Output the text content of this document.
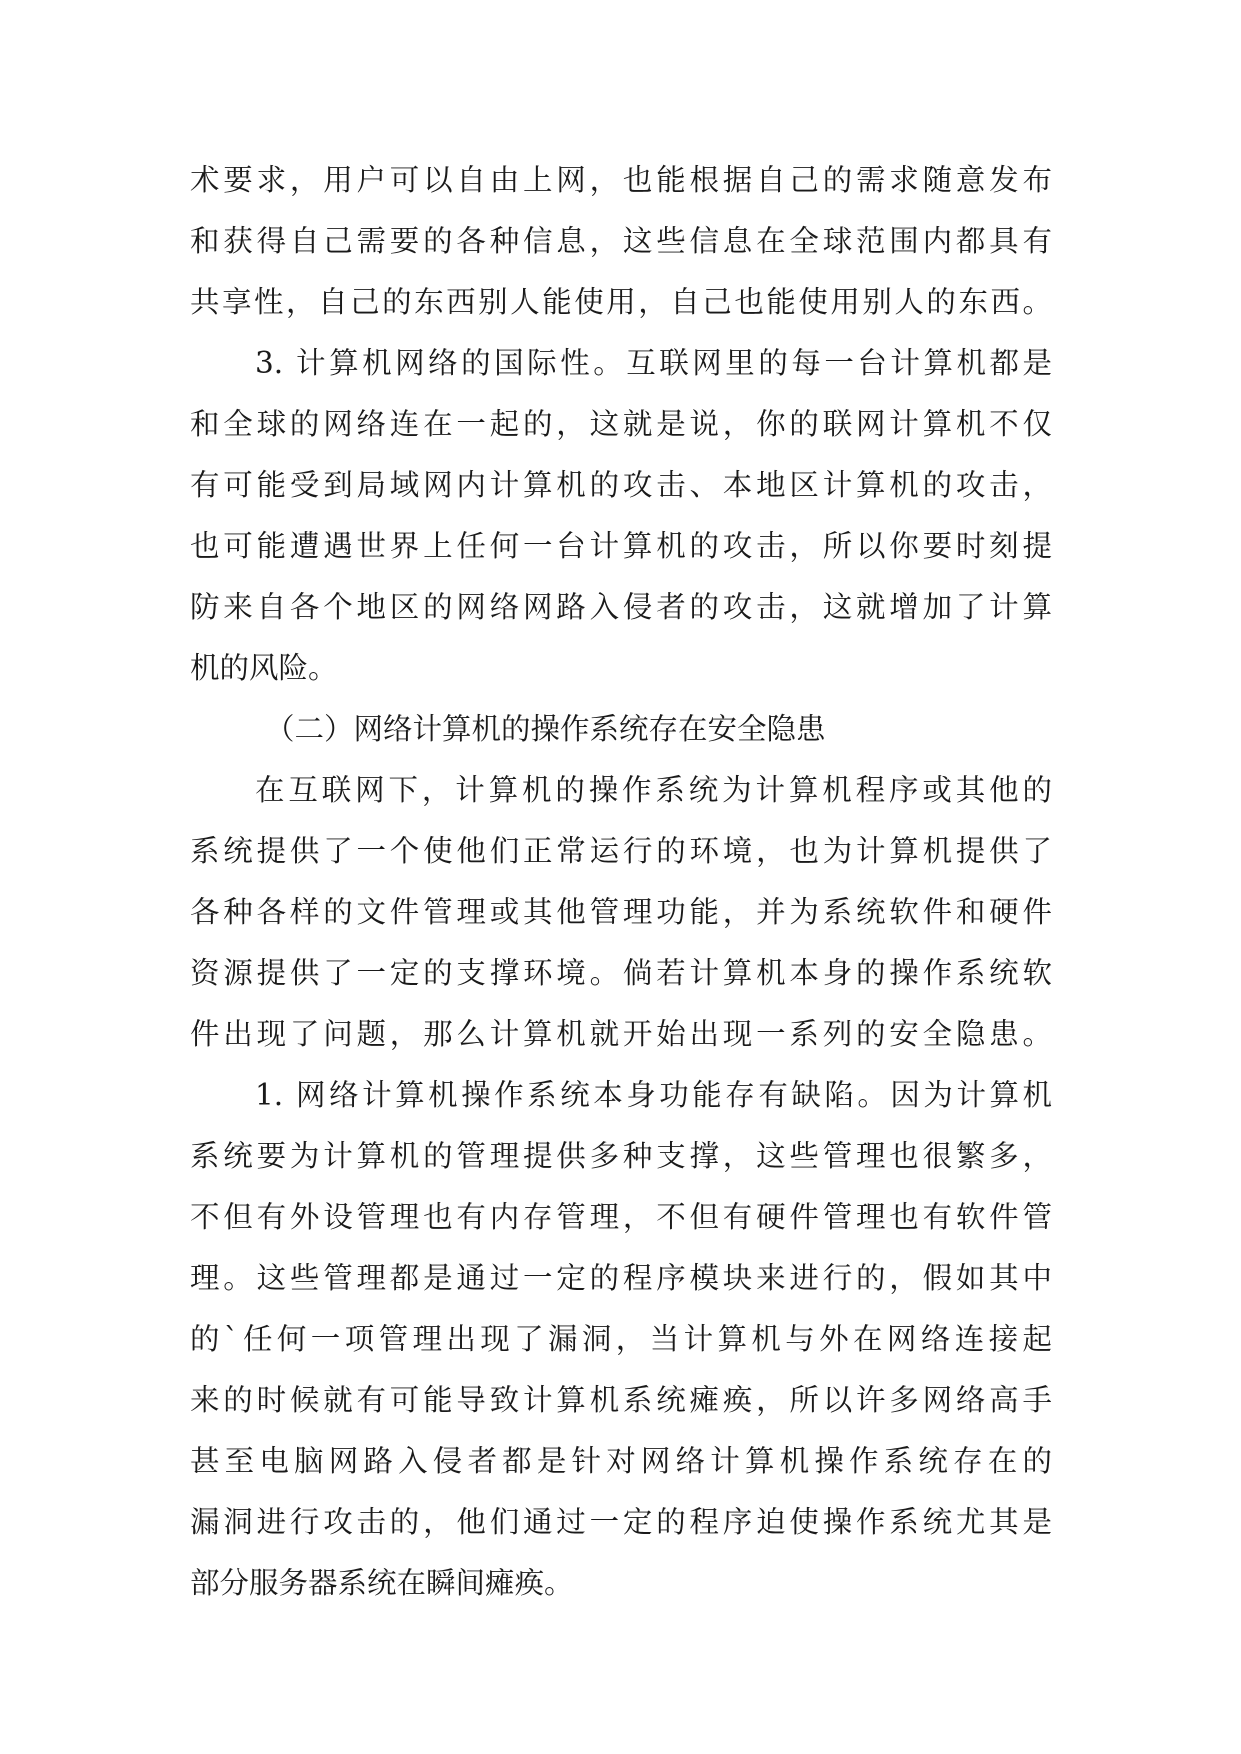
术要求，用户可以自由上网，也能根据自己的需求随意发布
和获得自己需要的各种信息，这些信息在全球范围内都具有
共享性，自己的东西别人能使用，自己也能使用别人的东西。
3. 计算机网络的国际性。互联网里的每一台计算机都是
和全球的网络连在一起的，这就是说，你的联网计算机不仅
有可能受到局域网内计算机的攻击、本地区计算机的攻击，
也可能遭遇世界上任何一台计算机的攻击，所以你要时刻提
防来自各个地区的网络网路入侵者的攻击，这就增加了计算
机的风险。
（二）网络计算机的操作系统存在安全隐患
在互联网下，计算机的操作系统为计算机程序或其他的
系统提供了一个使他们正常运行的环境，也为计算机提供了
各种各样的文件管理或其他管理功能，并为系统软件和硬件
资源提供了一定的支撑环境。倘若计算机本身的操作系统软
件出现了问题，那么计算机就开始出现一系列的安全隐患。
1. 网络计算机操作系统本身功能存有缺陷。因为计算机
系统要为计算机的管理提供多种支撑，这些管理也很繁多，
不但有外设管理也有内存管理，不但有硬件管理也有软件管
理。这些管理都是通过一定的程序模块来进行的，假如其中
的`任何一项管理出现了漏洞，当计算机与外在网络连接起
来的时候就有可能导致计算机系统瘫痪，所以许多网络高手
甚至电脑网路入侵者都是针对网络计算机操作系统存在的
漏洞进行攻击的，他们通过一定的程序迫使操作系统尤其是
部分服务器系统在瞬间瘫痪。
